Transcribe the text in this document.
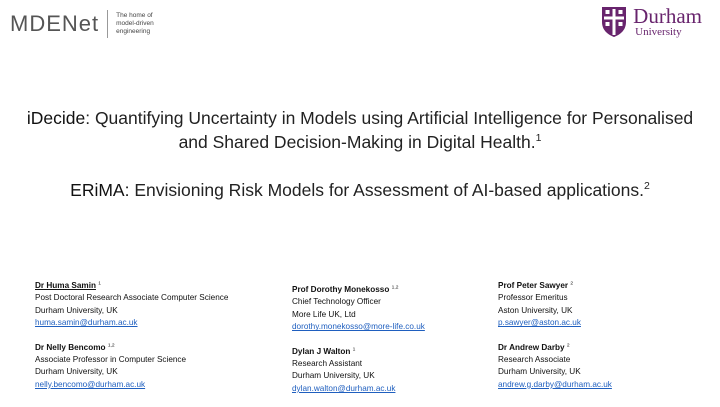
MDENet	The home of
model-driven
engineering
Durham
University
iDecide: Quantifying Uncertainty in Models using Artificial Intelligence for Personalised and Shared Decision-Making in Digital Health.$^1$
ERiMA: Envisioning Risk Models for Assessment of AI-based applications.$^2$
Dr Huma Samin $^1$
Post Doctoral Research Associate Computer Science
Durham University, UK
huma.samin@durham.ac.uk
Dr Nelly Bencomo $^{1,2}$
Associate Professor in Computer Science
Durham University, UK
nelly.bencomo@durham.ac.uk
Prof Dorothy Monekosso $^{1,2}$
Chief Technology Officer
More Life UK, Ltd
dorothy.monekosso@more-life.co.uk
Dylan J Walton $^1$
Research Assistant
Durham University, UK
dylan.walton@durham.ac.uk
Prof Peter Sawyer $^2$
Professor Emeritus
Aston University, UK
p.sawyer@aston.ac.uk
Dr Andrew Darby $^2$
Research Associate
Durham University, UK
andrew.g.darby@durham.ac.uk
